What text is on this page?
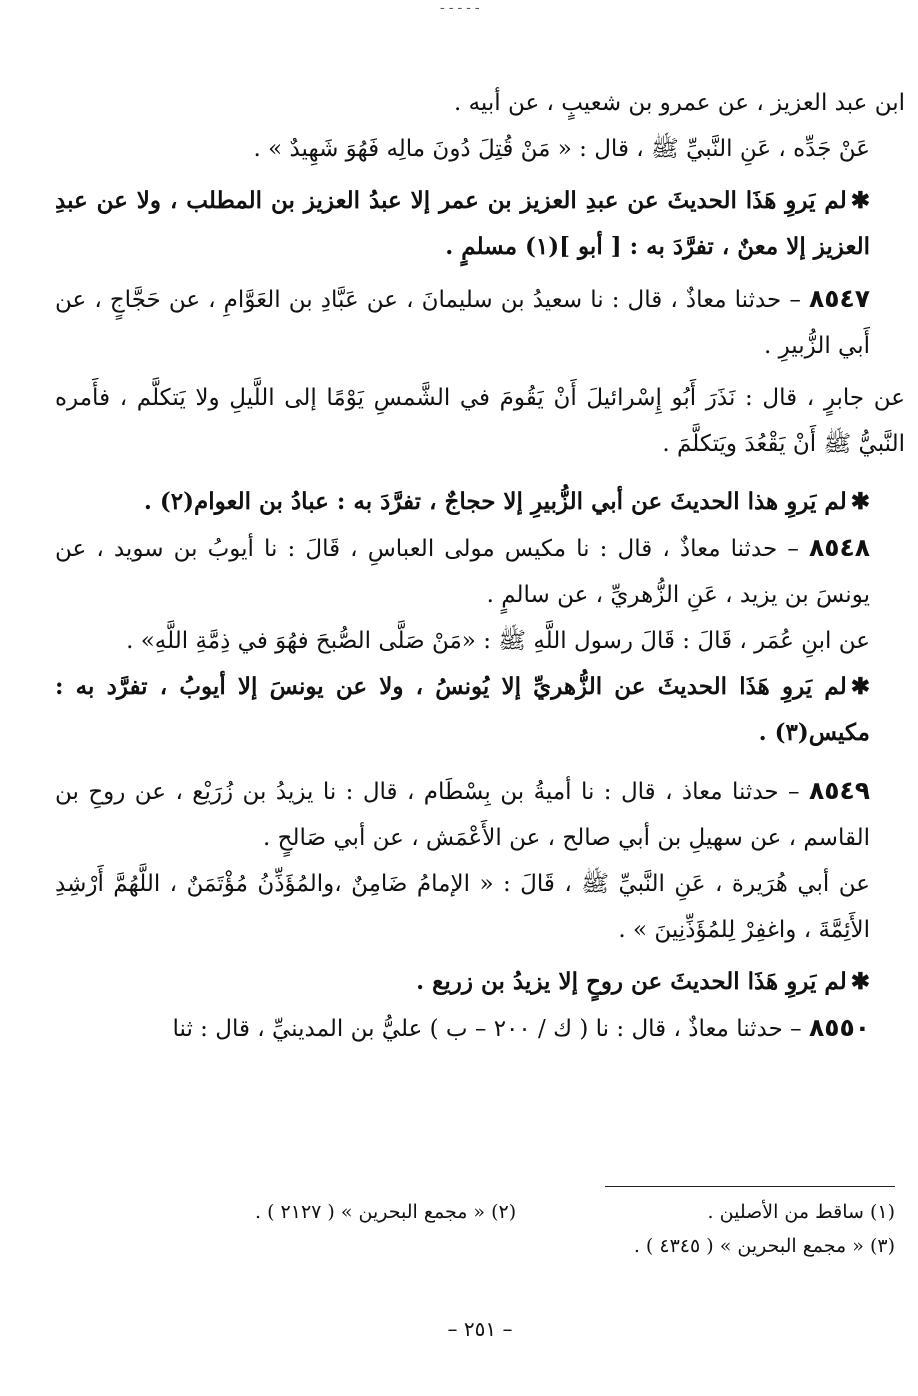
-----

ابن عبد العزيز ، عن عمرو بن شعيبٍ ، عن أبيه .

عَنْ جَدِّه ، عَنِ النَّبيِّ ﷺ ، قال : « مَنْ قُتِلَ دُونَ مالِه فَهُوَ شَهِيدٌ » .

✱لم يَروِ هَذَا الحديثَ عن عبدِ العزيز بن عمر إلا عبدُ العزيز بن المطلب ، ولا عن عبدِ العزيز إلا معنٌ ، تفرَّدَ به : [ أبو ](١) مسلمٍ .

٨٥٤٧ – حدثنا معاذٌ ، قال : نا سعيدُ بن سليمانَ ، عن عَبَّادِ بن العَوَّامِ ، عن حَجَّاجٍ ، عن أَبي الزُّبيرِ .

عن جابرٍ ، قال : نَذَرَ أَبُو إِسْرائيلَ أَنْ يَقُومَ في الشَّمسِ يَوْمًا إلى اللَّيلِ ولا يَتكلَّم ، فأَمره النَّبيُّ ﷺ أَنْ يَقْعُدَ ويَتكلَّمَ .

✱لم يَروِ هذا الحديثَ عن أبي الزُّبيرِ إلا حجاجٌ ، تفرَّدَ به : عبادُ بن العوام(٢) .

٨٥٤٨ – حدثنا معاذٌ ، قال : نا مكيس مولى العباسِ ، قَالَ : نا أيوبُ بن سويد ، عن يونسَ بن يزيد ، عَنِ الزُّهريِّ ، عن سالمٍ .

عن ابنِ عُمَر ، قَالَ : قَالَ رسول اللَّهِ ﷺ : «مَنْ صَلَّى الصُّبحَ فهُوَ في ذِمَّةِ اللَّهِ» .

✱لم يَروِ هَذَا الحديثَ عن الزُّهريِّ إلا يُونسُ ، ولا عن يونسَ إلا أيوبُ ، تفرَّد به : مكيس(٣) .

٨٥٤٩ – حدثنا معاذ ، قال : نا أميةُ بن بِسْطَام ، قال : نا يزيدُ بن زُرَيْع ، عن روحِ بن القاسم ، عن سهيلِ بن أبي صالح ، عن الأَعْمَش ، عن أبي صَالحٍ .

عن أبي هُرَيرة ، عَنِ النَّبيِّ ﷺ ، قَالَ : « الإمامُ ضَامِنٌ ،والمُؤَذِّنُ مُؤْتَمَنٌ ، اللَّهُمَّ أَرْشِدِ الأَئِمَّةَ ، واغفِرْ لِلمُؤَذِّنِينَ » .

✱لم يَروِ هَذَا الحديثَ عن روحٍ إلا يزيدُ بن زريع .

٨٥٥٠ – حدثنا معاذٌ ، قال : نا ( ك / ٢٠٠ – ب ) عليُّ بن المدينيِّ ، قال : ثنا

(١) ساقط من الأصلين .
(٢) « مجمع البحرين » ( ٢١٢٧ ) .
(٣) « مجمع البحرين » ( ٤٣٤٥ ) .
– ٢٥١ –
